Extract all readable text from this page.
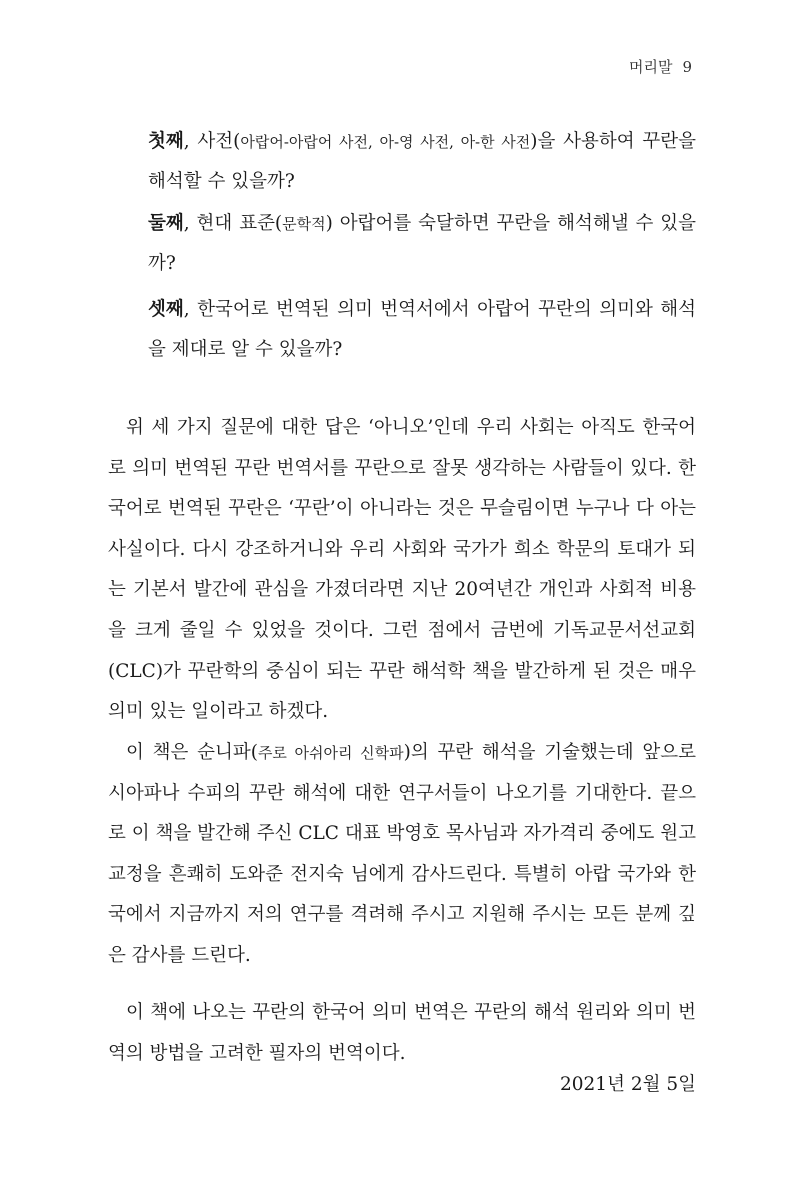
머리말 9

첫째, 사전(아랍어-아랍어 사전, 아-영 사전, 아-한 사전)을 사용하여 꾸란을 해석할 수 있을까?

둘째, 현대 표준(문학적) 아랍어를 숙달하면 꾸란을 해석해낼 수 있을까?

셋째, 한국어로 번역된 의미 번역서에서 아랍어 꾸란의 의미와 해석을 제대로 알 수 있을까?

위 세 가지 질문에 대한 답은 ‘아니오’인데 우리 사회는 아직도 한국어로 의미 번역된 꾸란 번역서를 꾸란으로 잘못 생각하는 사람들이 있다. 한국어로 번역된 꾸란은 ‘꾸란’이 아니라는 것은 무슬림이면 누구나 다 아는 사실이다. 다시 강조하거니와 우리 사회와 국가가 희소 학문의 토대가 되는 기본서 발간에 관심을 가졌더라면 지난 20여년간 개인과 사회적 비용을 크게 줄일 수 있었을 것이다. 그런 점에서 금번에 기독교문서선교회(CLC)가 꾸란학의 중심이 되는 꾸란 해석학 책을 발간하게 된 것은 매우 의미 있는 일이라고 하겠다.

이 책은 순니파(주로 아쉬아리 신학파)의 꾸란 해석을 기술했는데 앞으로 시아파나 수피의 꾸란 해석에 대한 연구서들이 나오기를 기대한다. 끝으로 이 책을 발간해 주신 CLC 대표 박영호 목사님과 자가격리 중에도 원고 교정을 흔쾌히 도와준 전지숙 님에게 감사드린다. 특별히 아랍 국가와 한국에서 지금까지 저의 연구를 격려해 주시고 지원해 주시는 모든 분께 깊은 감사를 드린다.

이 책에 나오는 꾸란의 한국어 의미 번역은 꾸란의 해석 원리와 의미 번역의 방법을 고려한 필자의 번역이다.

2021년 2월 5일
